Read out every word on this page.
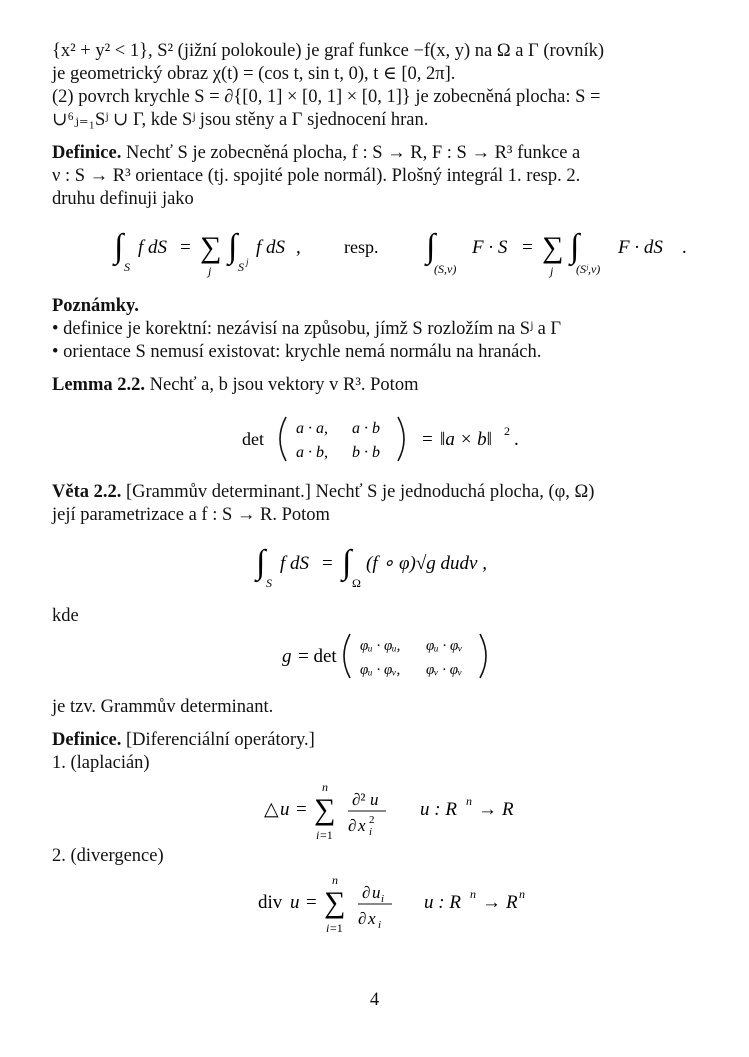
{x² + y² < 1}, S² (jižní polokoule) je graf funkce −f(x, y) na Ω a Γ (rovník)
je geometrický obraz χ(t) = (cos t, sin t, 0), t ∈ [0, 2π].
(2) povrch krychle S = ∂{[0, 1] × [0, 1] × [0, 1]} je zobecněná plocha: S =
∪⁶ⱼ₌₁Sʲ ∪ Γ, kde Sʲ jsou stěny a Γ sjednocení hran.
Definice. Nechť S je zobecněná plocha, f : S → R, F : S → R³ funkce a
ν : S → R³ orientace (tj. spojité pole normál). Plošný integrál 1. resp. 2.
druhu definuji jako
∫
S
f dS = ∑
j
∫
S j
f dS , resp. ∫
(S,ν)
F · S⃗ = ∑
j
∫
(Sʲ,ν)
F · dS⃗ .
Poznámky.
• definice je korektní: nezávisí na způsobu, jímž S rozložím na Sʲ a Γ
• orientace S nemusí existovat: krychle nemá normálu na hranách.
Lemma 2.2. Nechť a, b jsou vektory v R³. Potom
det
a · a, a · b
a · b, b · b
= ‖a × b‖ 2 .
Věta 2.2. [Grammův determinant.] Nechť S je jednoduchá plocha, (φ, Ω)
její parametrizace a f : S → R. Potom
∫
S
f dS = ∫
Ω
(f ∘ φ)√g dudv ,
kde
g = det φᵤ · φᵤ, φᵤ · φᵥ
φᵤ · φᵥ, φᵥ · φᵥ
je tzv. Grammův determinant.
Definice. [Diferenciální operátory.]
1. (laplacián)
△ u = ∑
n
i =1
∂² u
∂ x i
2 u : R n → R
2. (divergence)
div u = ∑
n
i =1
∂ u i
∂ x i
u : R n → R n
4
